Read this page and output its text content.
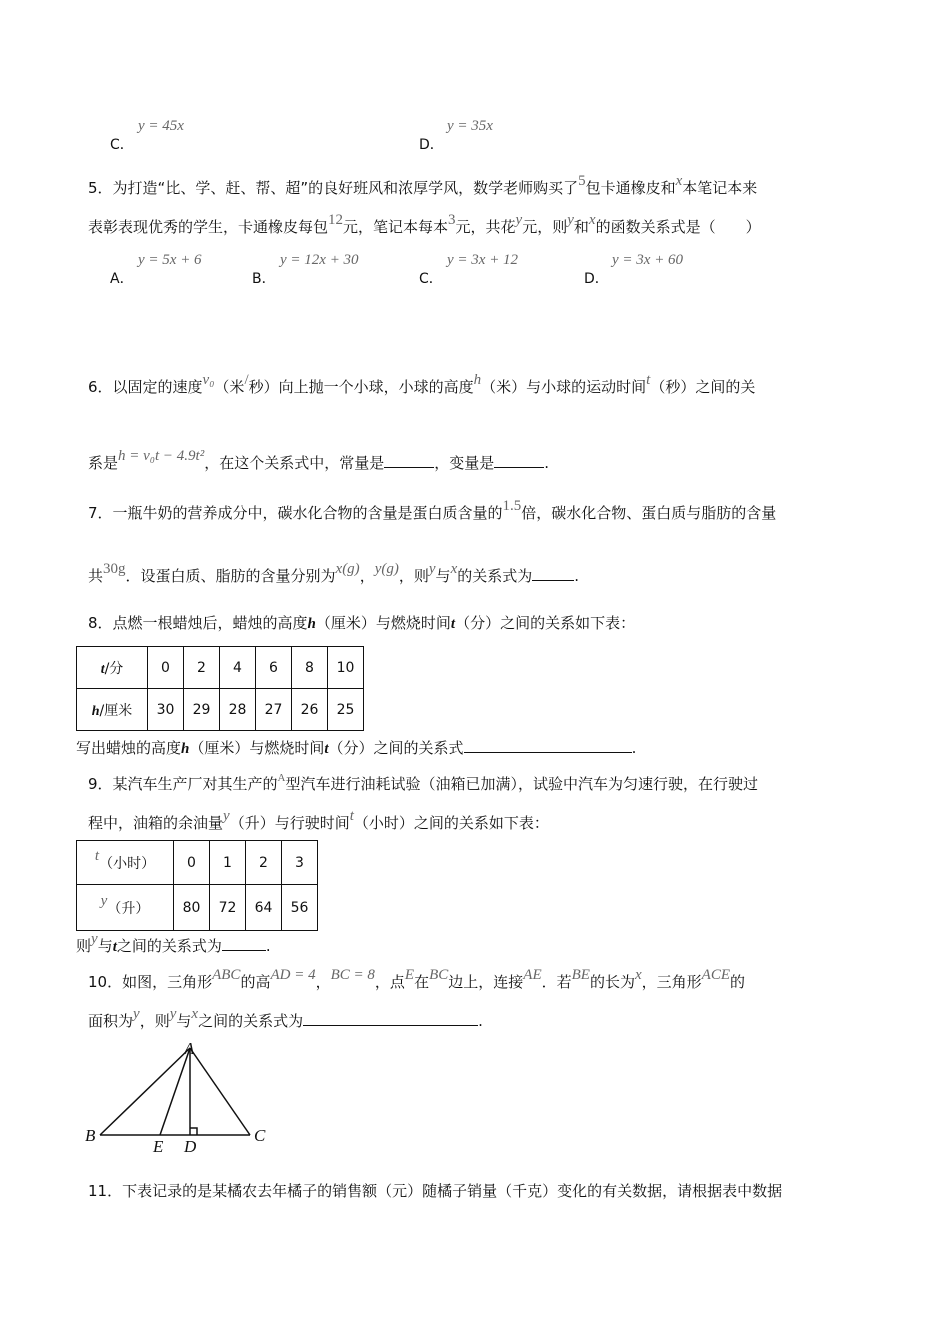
C．
y = 45x
D．
y = 35x
5．为打造“比、学、赶、帮、超”的良好班风和浓厚学风，数学老师购买了5包卡通橡皮和x本笔记本来
表彰表现优秀的学生，卡通橡皮每包12元，笔记本每本3元，共花y元，则y和x的函数关系式是（　　）
A．
y = 5x + 6
B．
y = 12x + 30
C．
y = 3x + 12
D．
y = 3x + 60
6．以固定的速度v₀（米/秒）向上抛一个小球，小球的高度h（米）与小球的运动时间t（秒）之间的关
系是h = v₀t − 4.9t²，在这个关系式中，常量是	，变量是	.
7．一瓶牛奶的营养成分中，碳水化合物的含量是蛋白质含量的1.5倍，碳水化合物、蛋白质与脂肪的含量
共30g．设蛋白质、脂肪的含量分别为x(g)，y(g)，则y与x的关系式为	.
8．点燃一根蜡烛后，蜡烛的高度h（厘米）与燃烧时间t（分）之间的关系如下表：
t/分	0	2	4	6	8	10
h/厘米	30	29	28	27	26	25
写出蜡烛的高度h（厘米）与燃烧时间t（分）之间的关系式	.
9．某汽车生产厂对其生产的$^A$型汽车进行油耗试验（油箱已加满），试验中汽车为匀速行驶，在行驶过
程中，油箱的余油量y（升）与行驶时间t（小时）之间的关系如下表：
t（小时）	0	1	2	3
y（升）	80	72	64	56
则y与t之间的关系式为	.
10．如图，三角形ABC的高AD = 4，BC = 8，点E在BC边上，连接AE．若BE的长为x，三角形ACE的
面积为y，则y与x之间的关系式为	.
A
B	C
D
E
11．下表记录的是某橘农去年橘子的销售额（元）随橘子销量（千克）变化的有关数据，请根据表中数据
